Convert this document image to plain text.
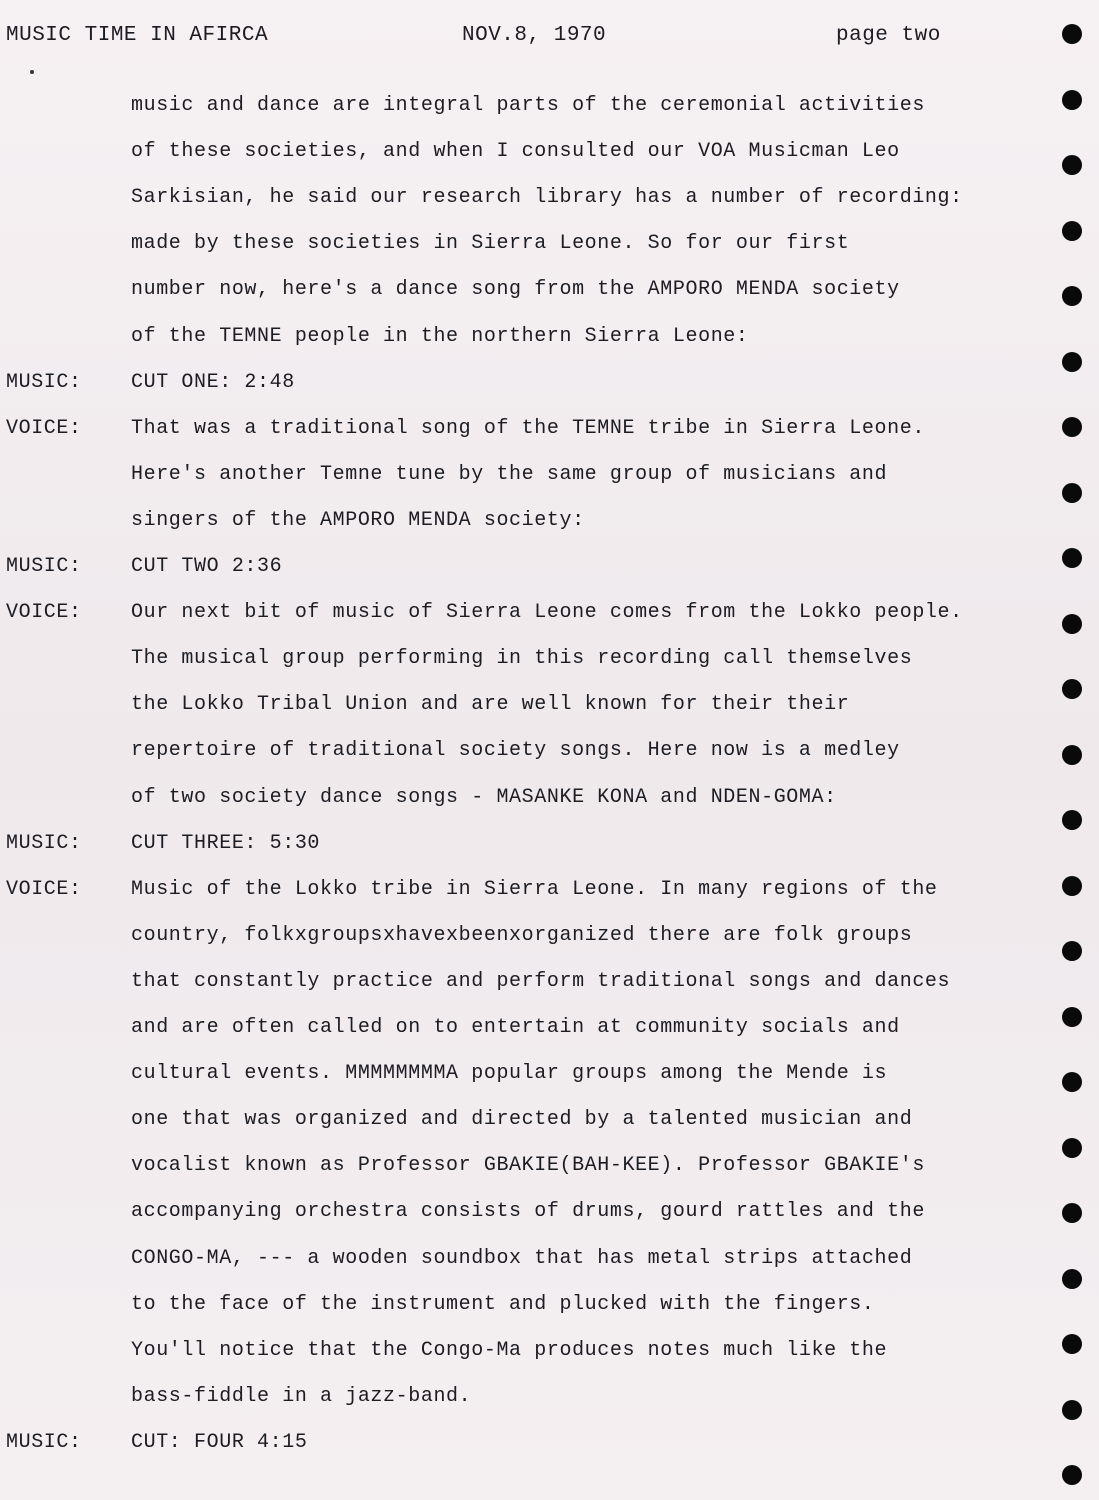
MUSIC TIME IN AFIRCA	NOV.8, 1970	page two
music and dance are integral parts of the ceremonial activities
of these societies, and when I consulted our VOA Musicman Leo
Sarkisian, he said our research library has a number of recording:
made by these societies in Sierra Leone. So for our first
number now, here's a dance song from the AMPORO MENDA society
of the TEMNE people in the northern Sierra Leone:
MUSIC: CUT ONE: 2:48
VOICE: That was a traditional song of the TEMNE tribe in Sierra Leone.
Here's another Temne tune by the same group of musicians and
singers of the AMPORO MENDA society:
MUSIC: CUT TWO 2:36
VOICE: Our next bit of music of Sierra Leone comes from the Lokko people.
The musical group performing in this recording call themselves
the Lokko Tribal Union and are well known for their their
repertoire of traditional society songs. Here now is a medley
of two society dance songs - MASANKE KONA and NDEN-GOMA:
MUSIC: CUT THREE: 5:30
VOICE: Music of the Lokko tribe in Sierra Leone. In many regions of the
country, folkxgroupsxhavexbeenxorganized there are folk groups
that constantly practice and perform traditional songs and dances
and are often called on to entertain at community socials and
cultural events. MMMMMMMMA popular groups among the Mende is
one that was organized and directed by a talented musician and
vocalist known as Professor GBAKIE(BAH-KEE). Professor GBAKIE's
accompanying orchestra consists of drums, gourd rattles and the
CONGO-MA, --- a wooden soundbox that has metal strips attached
to the face of the instrument and plucked with the fingers.
You'll notice that the Congo-Ma produces notes much like the
bass-fiddle in a jazz-band.
MUSIC: CUT: FOUR 4:15
